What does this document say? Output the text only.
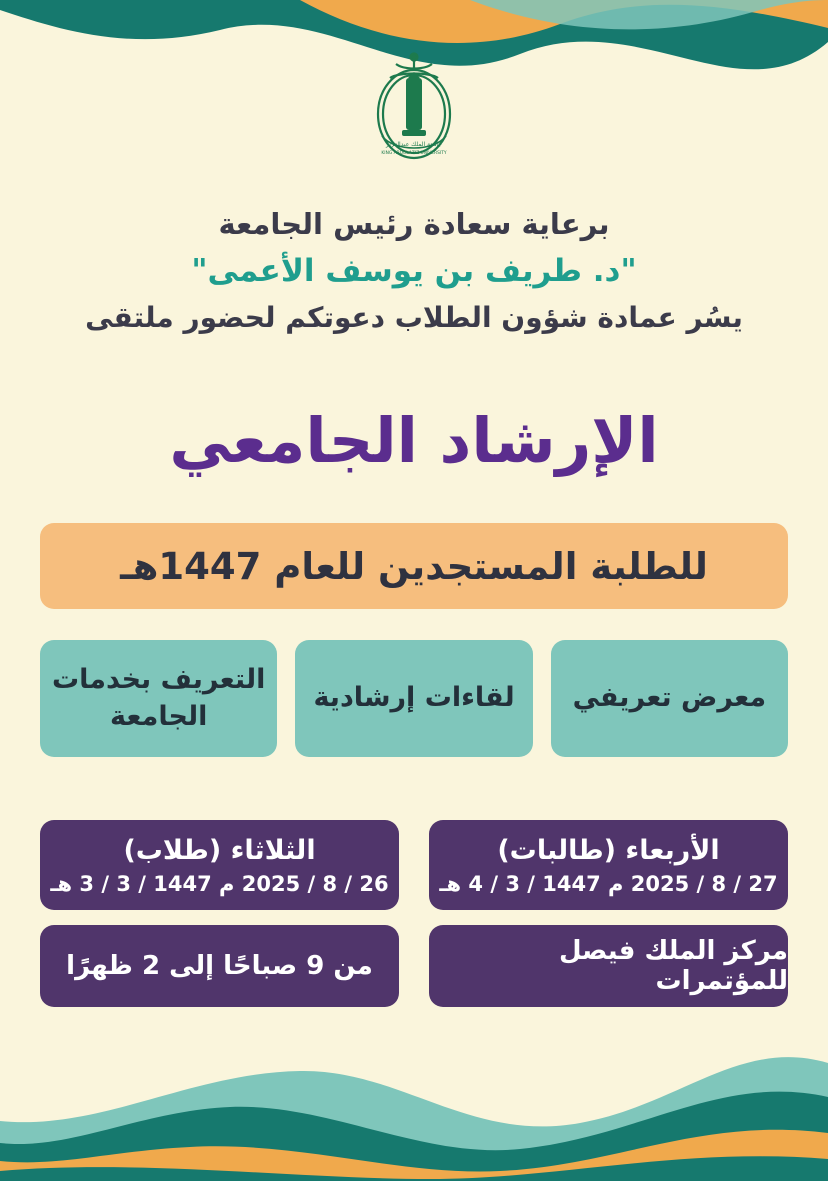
جامعة الملك عبدالعزيز
KING ABDULAZIZ UNIVERSITY
برعاية سعادة رئيس الجامعة
"د. طريف بن يوسف الأعمى"
يسُر عمادة شؤون الطلاب دعوتكم لحضور ملتقى
الإرشاد الجامعي
للطلبة المستجدين للعام 1447هـ
التعريف بخدمات الجامعة
لقاءات إرشادية معرض تعريفي
الثلاثاء (طلاب)
26 / 8 / 2025 م 1447 / 3 / 3 هـ
الأربعاء (طالبات)
27 / 8 / 2025 م 1447 / 3 / 4 هـ
من 9 صباحًا إلى 2 ظهرًا	مركز الملك فيصل للمؤتمرات
